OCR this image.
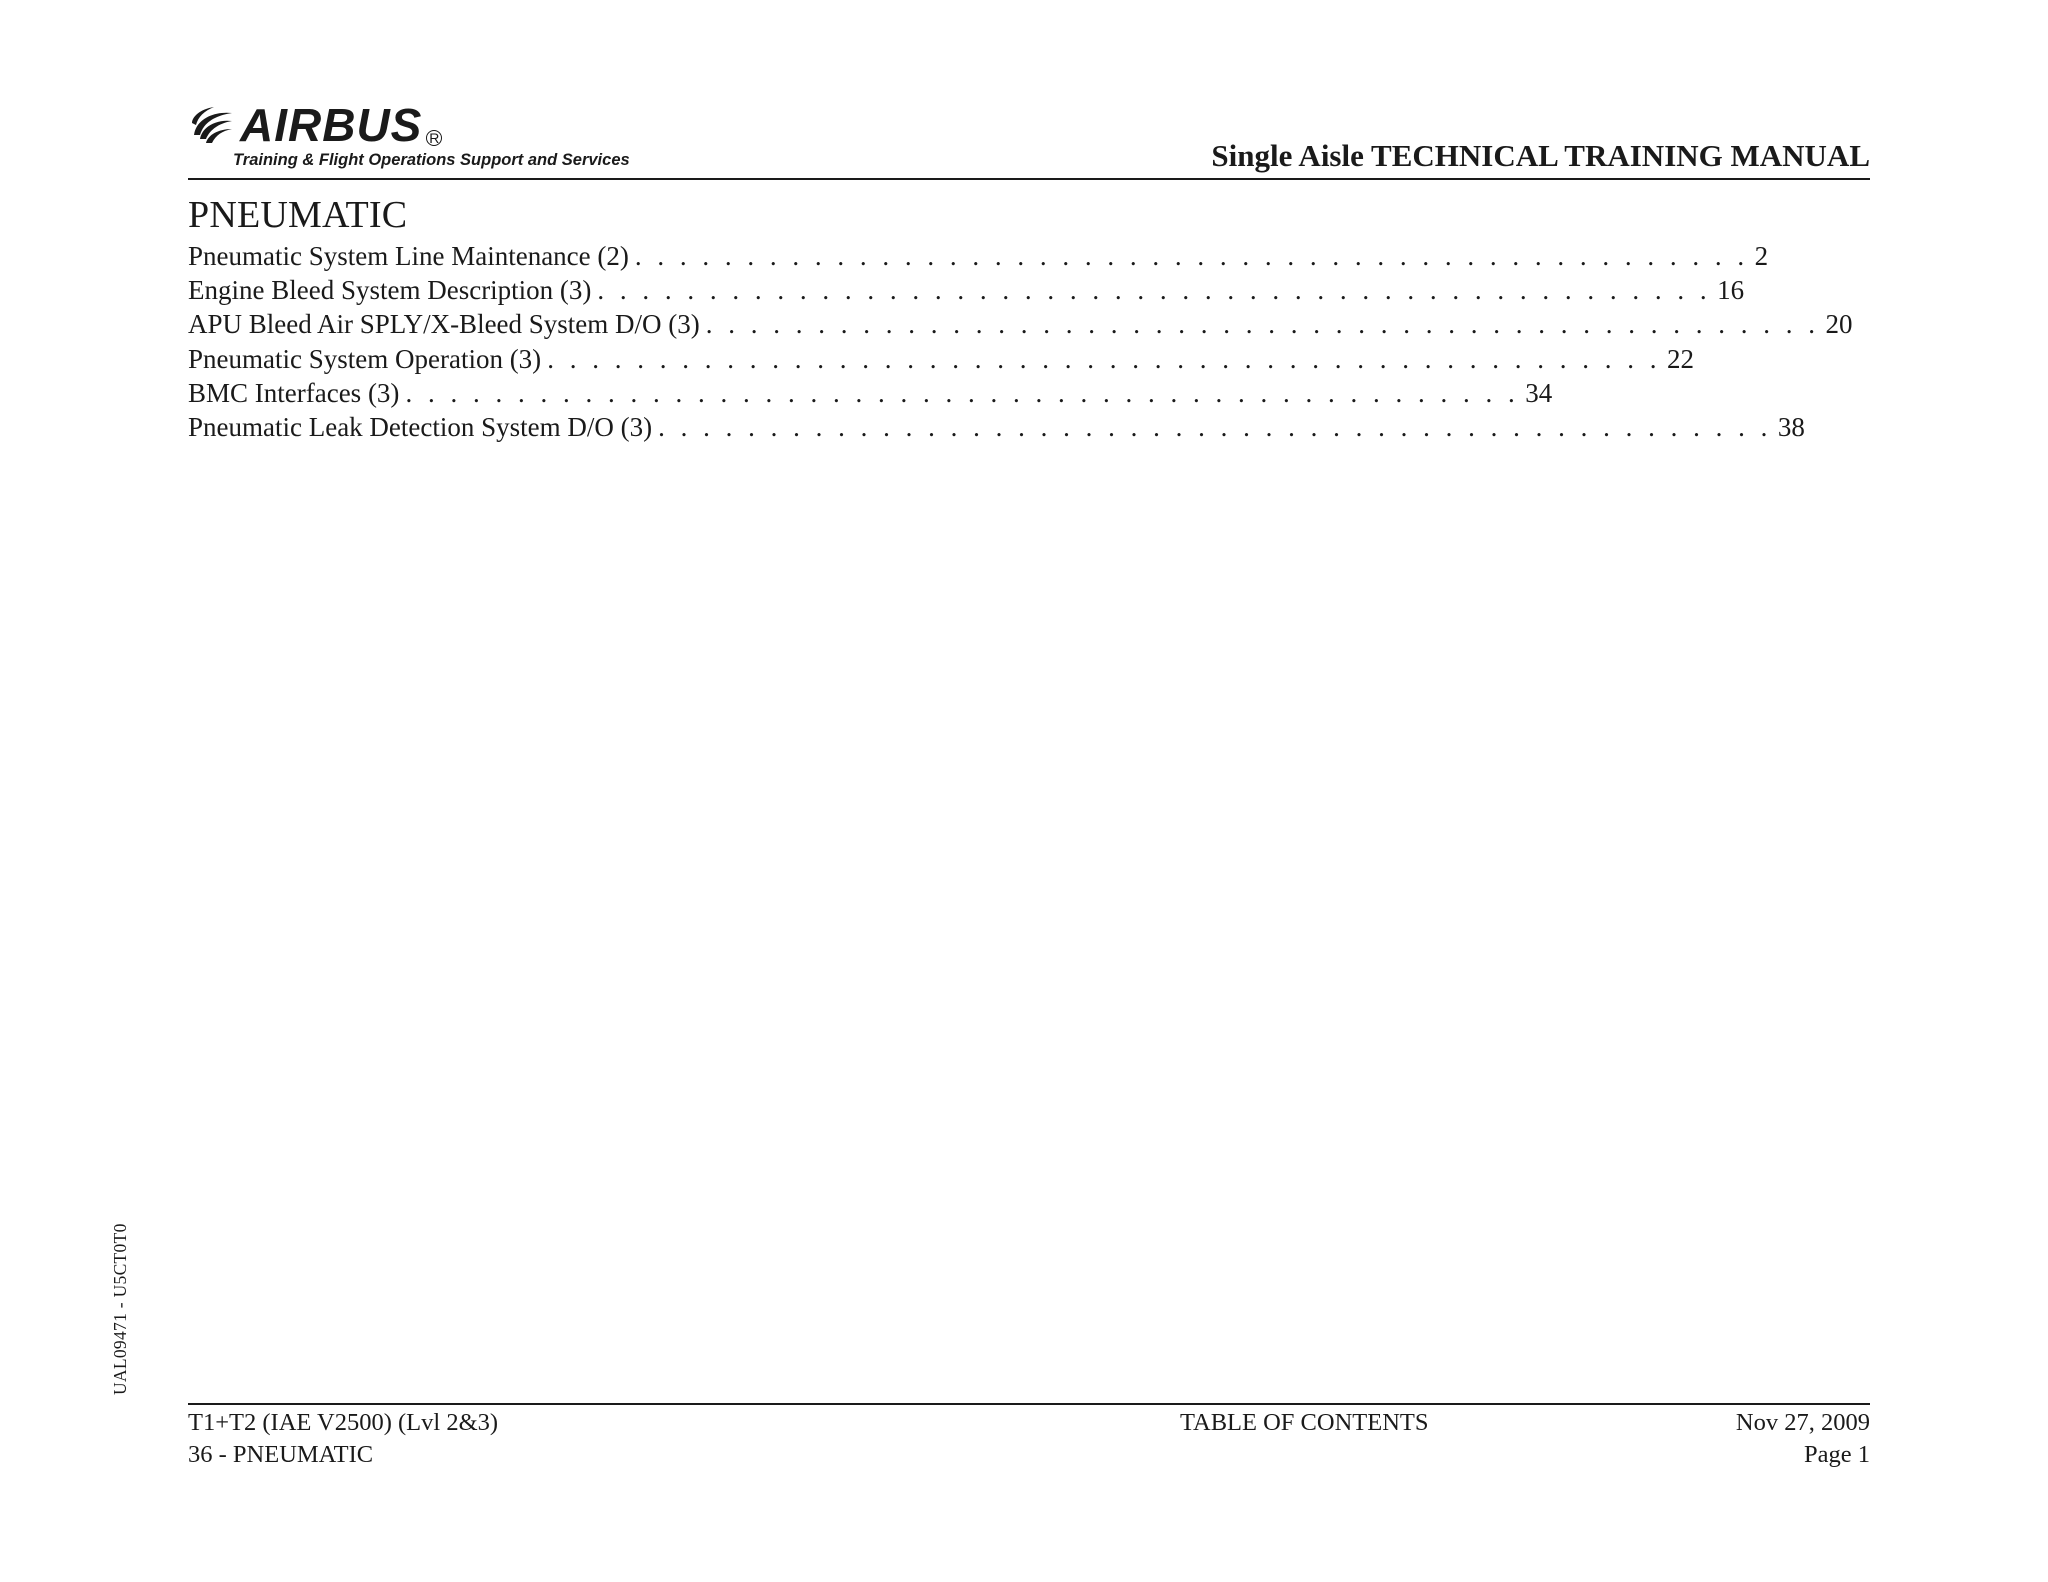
AIRBUS R
Training & Flight Operations Support and Services	Single Aisle TECHNICAL TRAINING MANUAL
PNEUMATIC
Pneumatic System Line Maintenance (2) . . . . . . . . . . . . . . . . . . . . . . . . . . . . . . . . . . . . . . . . . . . . . . . . . . 2
Engine Bleed System Description (3) . . . . . . . . . . . . . . . . . . . . . . . . . . . . . . . . . . . . . . . . . . . . . . . . . . 16
APU Bleed Air SPLY/X-Bleed System D/O (3) . . . . . . . . . . . . . . . . . . . . . . . . . . . . . . . . . . . . . . . . . . . . . . . . . . 20
Pneumatic System Operation (3) . . . . . . . . . . . . . . . . . . . . . . . . . . . . . . . . . . . . . . . . . . . . . . . . . . 22
BMC Interfaces (3) . . . . . . . . . . . . . . . . . . . . . . . . . . . . . . . . . . . . . . . . . . . . . . . . . . 34
Pneumatic Leak Detection System D/O (3) . . . . . . . . . . . . . . . . . . . . . . . . . . . . . . . . . . . . . . . . . . . . . . . . . . 38
UAL09471 - U5CT0T0
T1+T2 (IAE V2500) (Lvl 2&3)
36 - PNEUMATIC
TABLE OF CONTENTS	Nov 27, 2009
Page 1
